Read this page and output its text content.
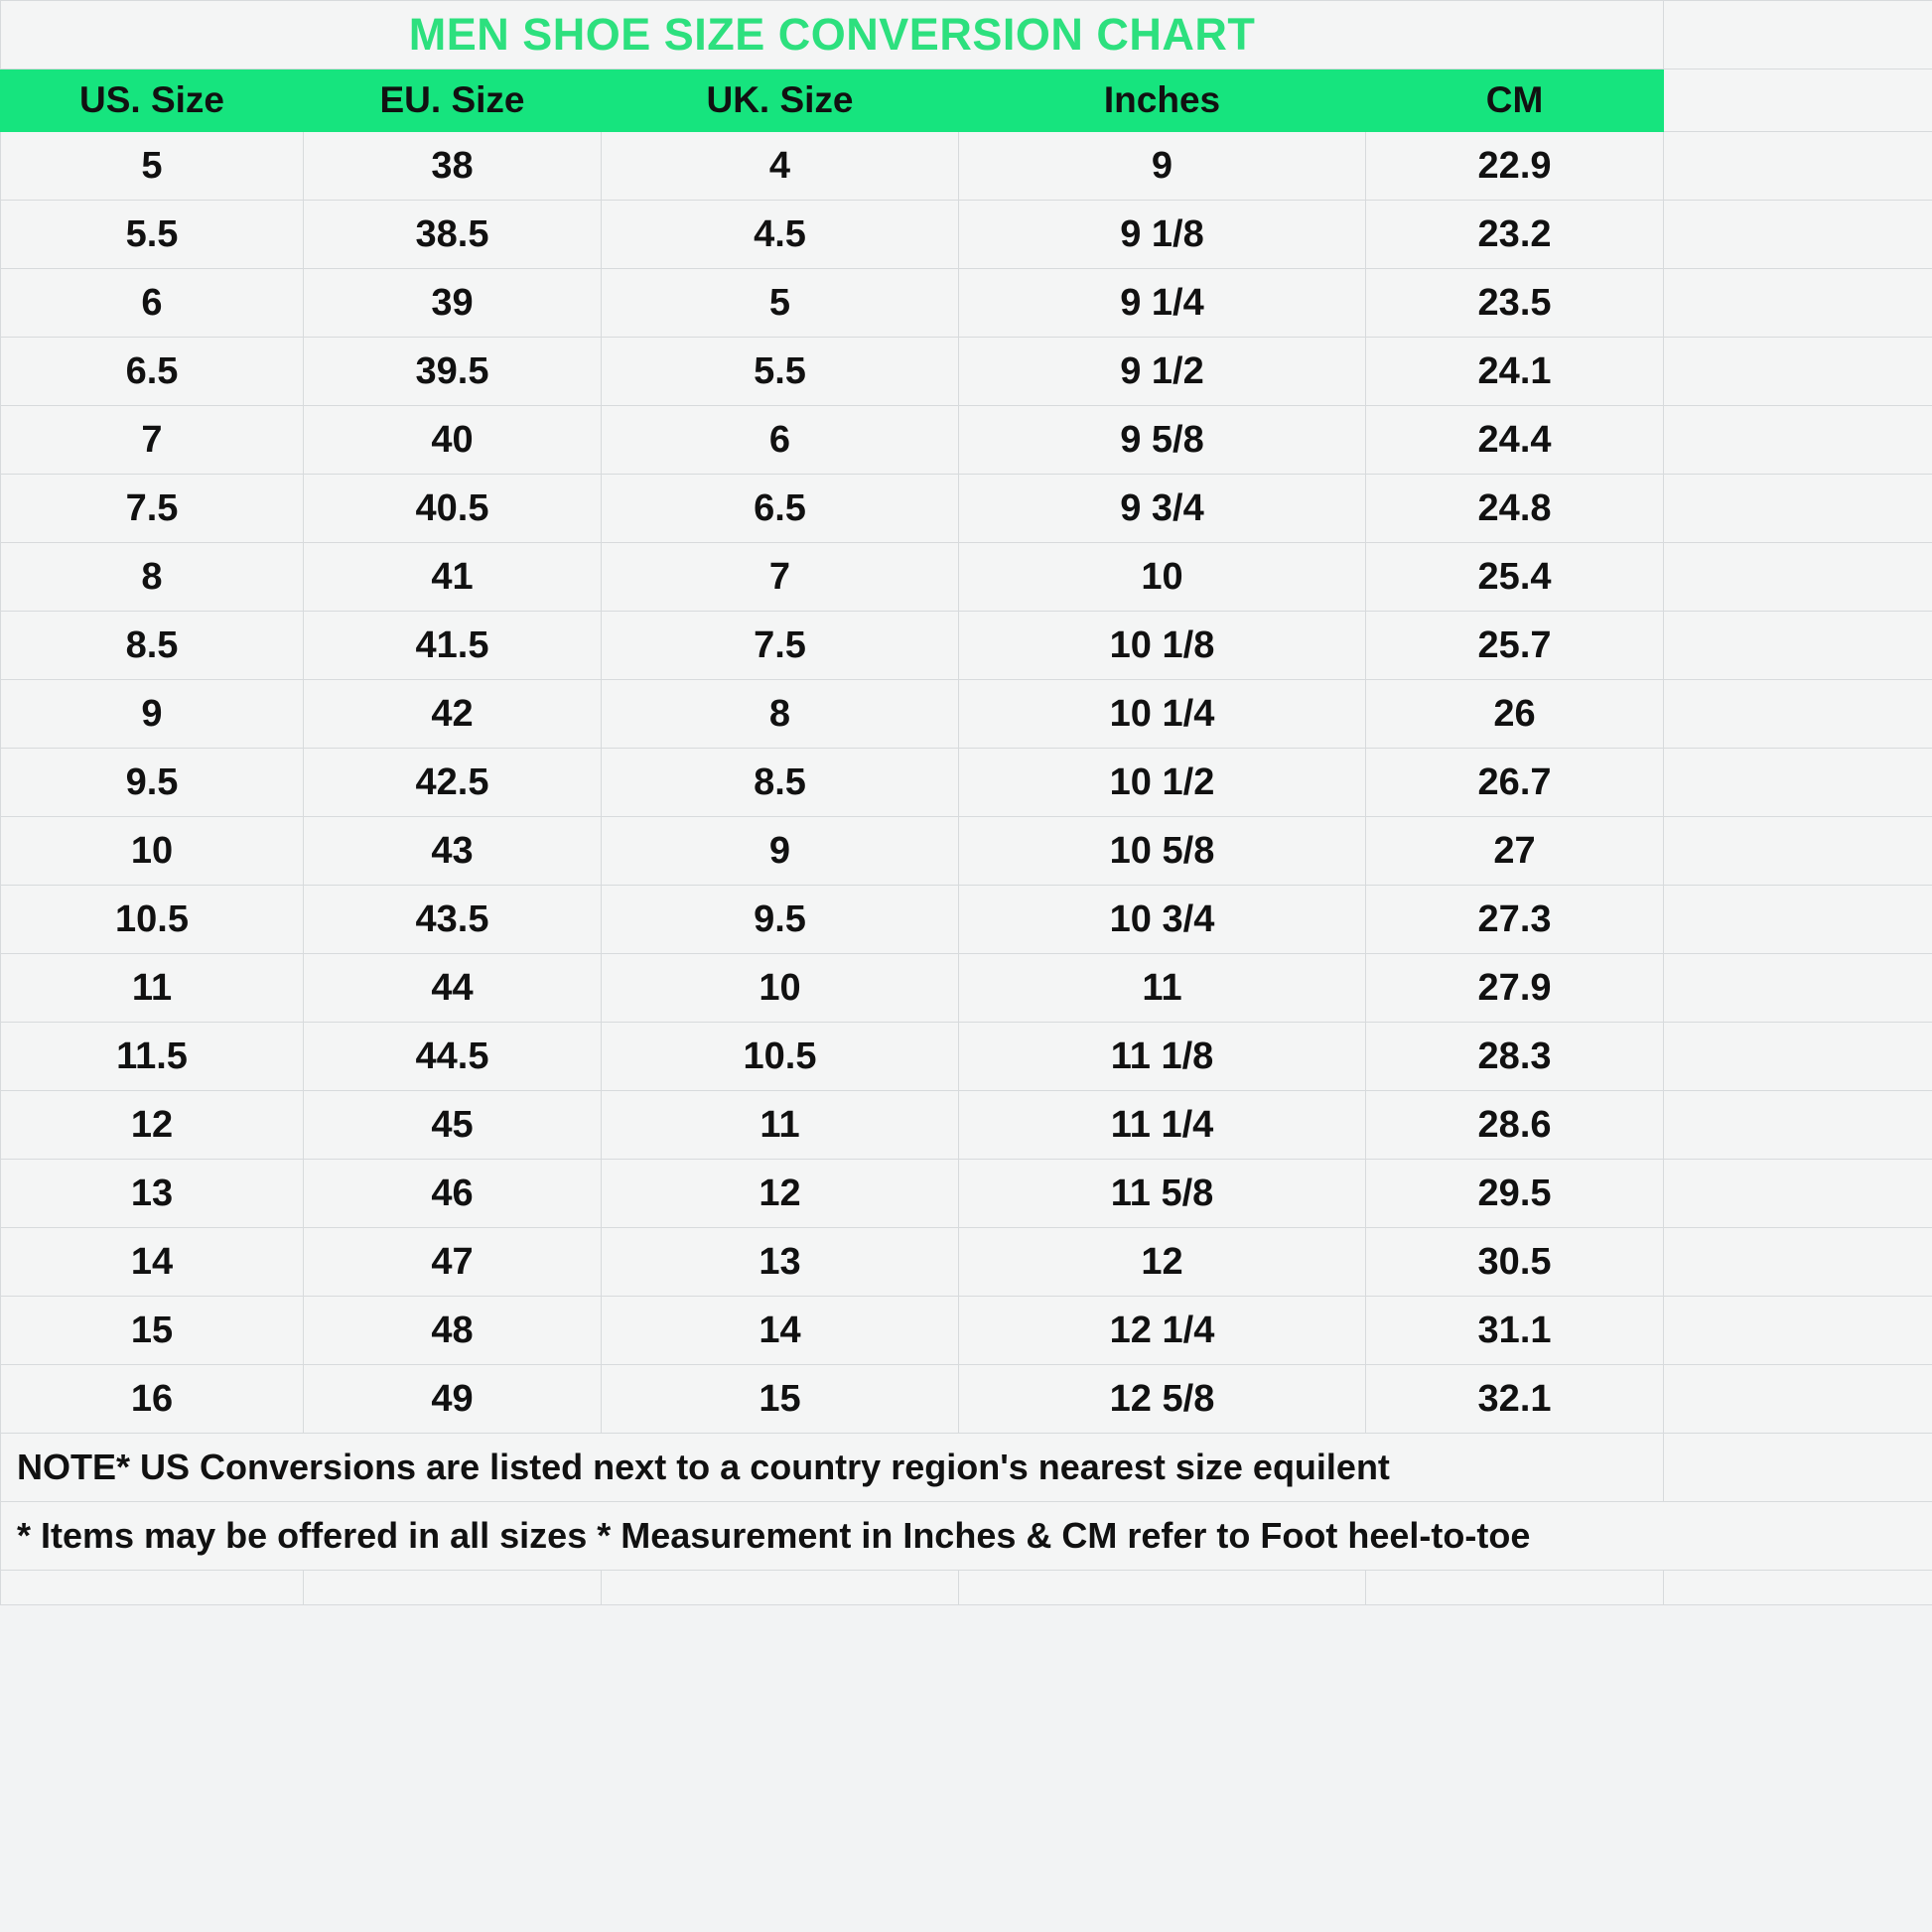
MEN SHOE SIZE CONVERSION CHART					
US. Size	EU. Size	UK. Size	Inches	CM	
5	38	4	9	22.9	
5.5	38.5	4.5	9 1/8	23.2	
6	39	5	9 1/4	23.5	
6.5	39.5	5.5	9 1/2	24.1	
7	40	6	9 5/8	24.4	
7.5	40.5	6.5	9 3/4	24.8	
8	41	7	10	25.4	
8.5	41.5	7.5	10 1/8	25.7	
9	42	8	10 1/4	26	
9.5	42.5	8.5	10 1/2	26.7	
10	43	9	10 5/8	27	
10.5	43.5	9.5	10 3/4	27.3	
11	44	10	11	27.9	
11.5	44.5	10.5	11 1/8	28.3	
12	45	11	11 1/4	28.6	
13	46	12	11 5/8	29.5	
14	47	13	12	30.5	
15	48	14	12 1/4	31.1	
16	49	15	12 5/8	32.1	
NOTE* US Conversions are listed next to a country region's nearest size equilent					
* Items may be offered in all sizes * Measurement in Inches & CM refer to Foot heel-to-toe					
